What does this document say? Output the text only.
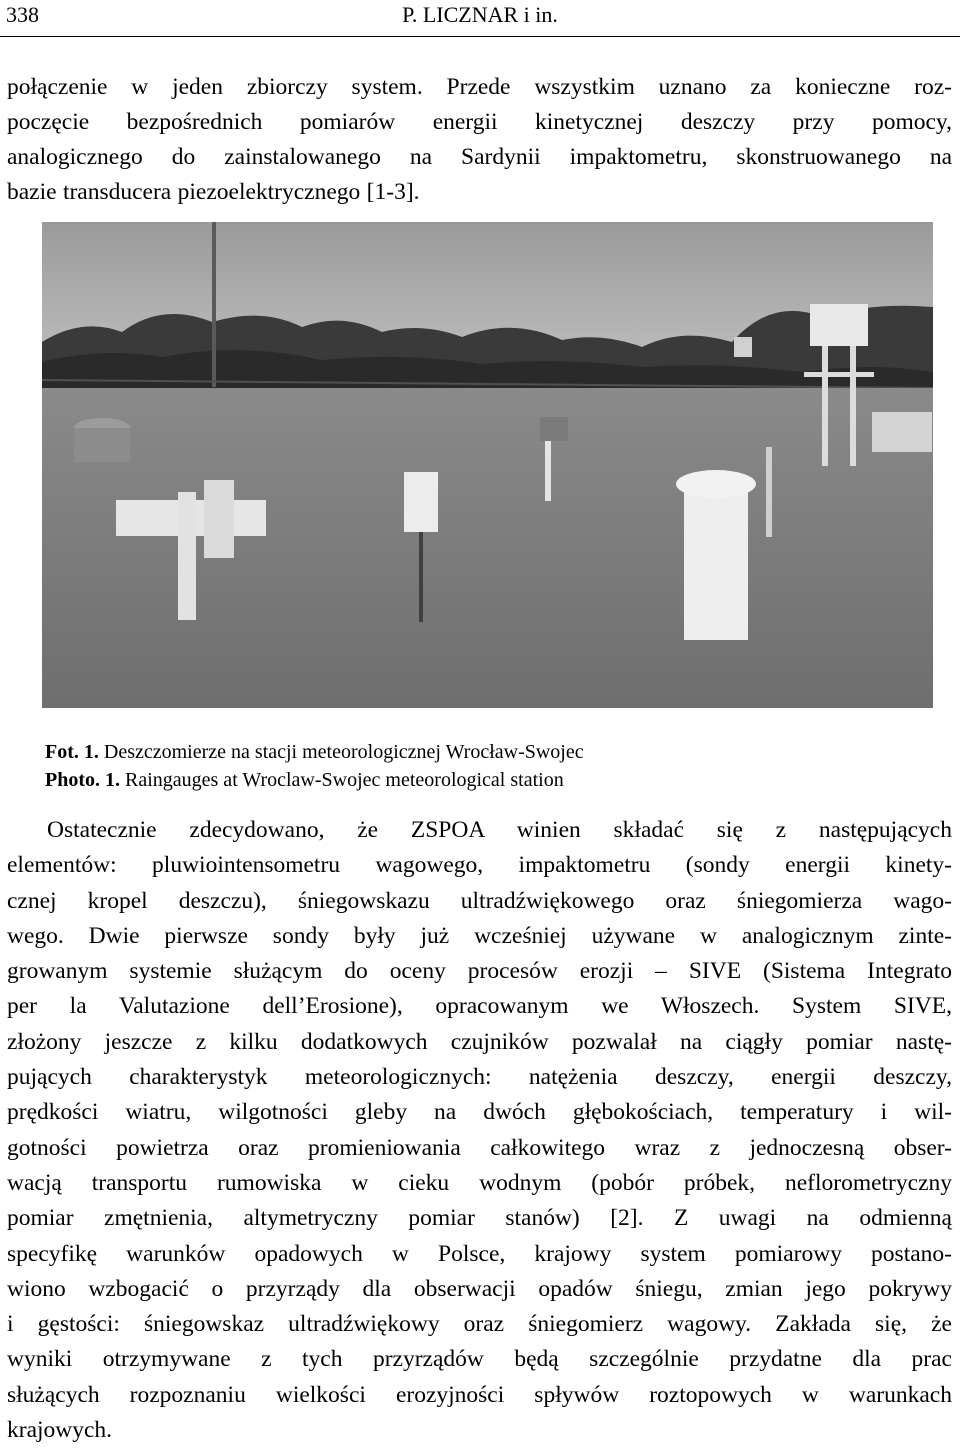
338	P. LICZNAR i in.
połączenie w jeden zbiorczy system. Przede wszystkim uznano za konieczne roz-
poczęcie bezpośrednich pomiarów energii kinetycznej deszczy przy pomocy,
analogicznego do zainstalowanego na Sardynii impaktometru, skonstruowanego na
bazie transducera piezoelektrycznego [1-3].
Fot. 1. Deszczomierze na stacji meteorologicznej Wrocław-Swojec
Photo. 1. Raingauges at Wroclaw-Swojec meteorological station
Ostatecznie zdecydowano, że ZSPOA winien składać się z następujących
elementów: pluwiointensometru wagowego, impaktometru (sondy energii kinety-
cznej kropel deszczu), śniegowskazu ultradźwiękowego oraz śniegomierza wago-
wego. Dwie pierwsze sondy były już wcześniej używane w analogicznym zinte-
growanym systemie służącym do oceny procesów erozji – SIVE (Sistema Integrato
per la Valutazione dell’Erosione), opracowanym we Włoszech. System SIVE,
złożony jeszcze z kilku dodatkowych czujników pozwalał na ciągły pomiar nastę-
pujących charakterystyk meteorologicznych: natężenia deszczy, energii deszczy,
prędkości wiatru, wilgotności gleby na dwóch głębokościach, temperatury i wil-
gotności powietrza oraz promieniowania całkowitego wraz z jednoczesną obser-
wacją transportu rumowiska w cieku wodnym (pobór próbek, neflorometryczny
pomiar zmętnienia, altymetryczny pomiar stanów) [2]. Z uwagi na odmienną
specyfikę warunków opadowych w Polsce, krajowy system pomiarowy postano-
wiono wzbogacić o przyrządy dla obserwacji opadów śniegu, zmian jego pokrywy
i gęstości: śniegowskaz ultradźwiękowy oraz śniegomierz wagowy. Zakłada się, że
wyniki otrzymywane z tych przyrządów będą szczególnie przydatne dla prac
służących rozpoznaniu wielkości erozyjności spływów roztopowych w warunkach
krajowych.
